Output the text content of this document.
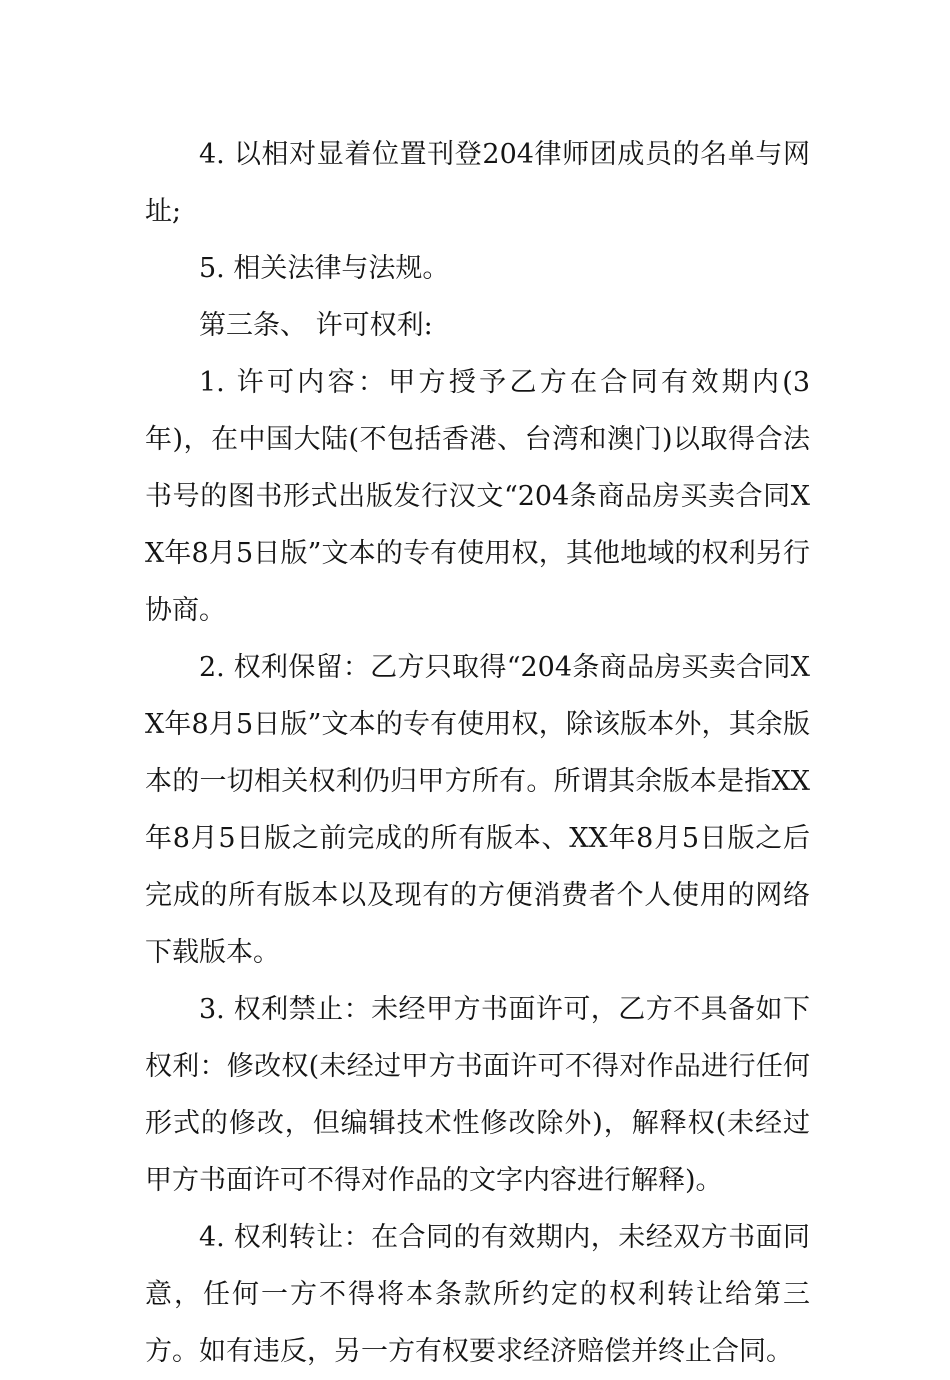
4. 以相对显着位置刊登204律师团成员的名单与网址;

5. 相关法律与法规。

第三条、 许可权利:

1. 许可内容：甲方授予乙方在合同有效期内(3年)，在中国大陆(不包括香港、台湾和澳门)以取得合法书号的图书形式出版发行汉文“204条商品房买卖合同XX年8月5日版”文本的专有使用权，其他地域的权利另行协商。

2. 权利保留：乙方只取得“204条商品房买卖合同XX年8月5日版”文本的专有使用权，除该版本外，其余版本的一切相关权利仍归甲方所有。所谓其余版本是指XX年8月5日版之前完成的所有版本、XX年8月5日版之后完成的所有版本以及现有的方便消费者个人使用的网络下载版本。

3. 权利禁止：未经甲方书面许可，乙方不具备如下权利：修改权(未经过甲方书面许可不得对作品进行任何形式的修改，但编辑技术性修改除外)，解释权(未经过甲方书面许可不得对作品的文字内容进行解释)。

4. 权利转让：在合同的有效期内，未经双方书面同意，任何一方不得将本条款所约定的权利转让给第三方。如有违反，另一方有权要求经济赔偿并终止合同。
